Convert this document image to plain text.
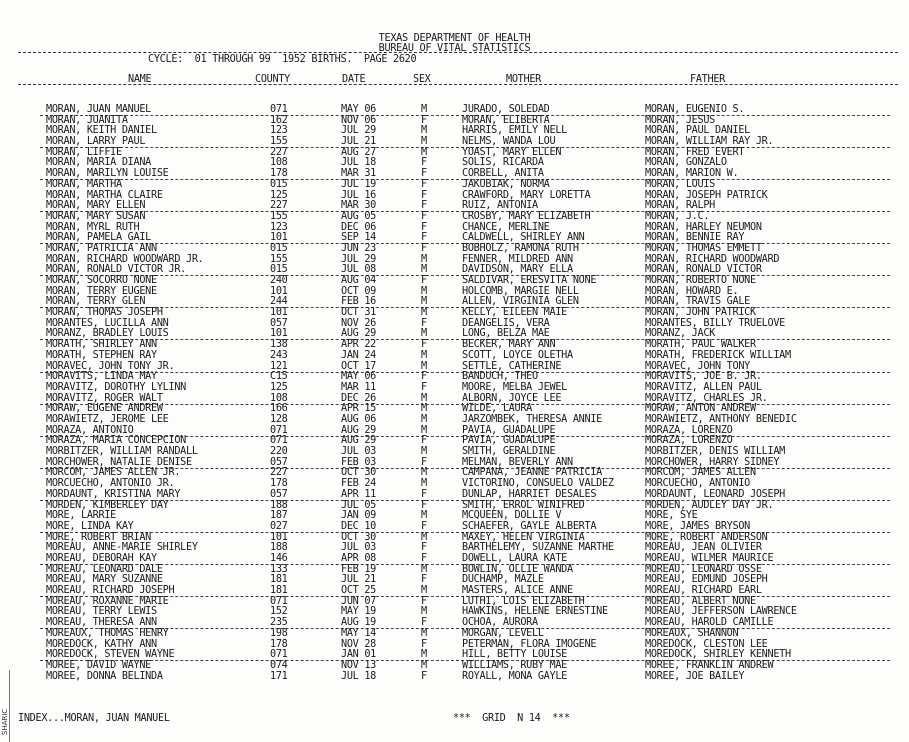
TEXAS DEPARTMENT OF HEALTH
BUREAU OF VITAL STATISTICS
CYCLE:  01 THROUGH 99  1952 BIRTHS.  PAGE 2620
NAME	COUNTY	DATE	SEX	MOTHER	FATHER
MORAN, JUAN MANUEL	071	MAY 06	M	JURADO, SOLEDAD	MORAN, EUGENIO S.
MORAN, JUANITA	162	NOV 06	F	MORAN, ELIBERTA	MORAN, JESUS
MORAN, KEITH DANIEL	123	JUL 29	M	HARRIS, EMILY NELL	MORAN, PAUL DANIEL
MORAN, LARRY PAUL	155	JUL 21	M	NELMS, WANDA LOU	MORAN, WILLIAM RAY JR.
MORAN, LIFFIE	227	AUG 27	M	YOAST, MARY ELLEN	MORAN, FRED EVERT
MORAN, MARIA DIANA	108	JUL 18	F	SOLIS, RICARDA	MORAN, GONZALO
MORAN, MARILYN LOUISE	178	MAR 31	F	CORBELL, ANITA	MORAN, MARION W.
MORAN, MARTHA	015	JUL 19	F	JAKUBIAK, NORMA	MORAN, LOUIS
MORAN, MARTHA CLAIRE	125	JUL 16	F	CRAWFORD, MARY LORETTA	MORAN, JOSEPH PATRICK
MORAN, MARY ELLEN	227	MAR 30	F	RUIZ, ANTONIA	MORAN, RALPH
MORAN, MARY SUSAN	155	AUG 05	F	CROSBY, MARY ELIZABETH	MORAN, J.C.
MORAN, MYRL RUTH	123	DEC 06	F	CHANCE, MERLINE	MORAN, HARLEY NEUMON
MORAN, PAMELA GAIL	101	SEP 14	F	CALDWELL, SHIRLEY ANN	MORAN, BENNIE RAY
MORAN, PATRICIA ANN	015	JUN 23	F	BOBHOLZ, RAMONA RUTH	MORAN, THOMAS EMMETT
MORAN, RICHARD WOODWARD JR.	155	JUL 29	M	FENNER, MILDRED ANN	MORAN, RICHARD WOODWARD
MORAN, RONALD VICTOR JR.	015	JUL 08	M	DAVIDSON, MARY ELLA	MORAN, RONALD VICTOR
MORAN, SOCORRO NONE	240	AUG 04	F	SALDIVAR, ERESVITA NONE	MORAN, ROBERTO NONE
MORAN, TERRY EUGENE	101	OCT 09	M	HOLCOMB, MARGIE NELL	MORAN, HOWARD E.
MORAN, TERRY GLEN	244	FEB 16	M	ALLEN, VIRGINIA GLEN	MORAN, TRAVIS GALE
MORAN, THOMAS JOSEPH	101	OCT 31	M	KELLY, EILEEN MAIE	MORAN, JOHN PATRICK
MORANTES, LUCILLA ANN	057	NOV 26	F	DEANGELIS, VERA	MORANTES, BILLY TRUELOVE
MORANZ, BRADLEY LOUIS	101	AUG 29	M	LONG, BELZA MAE	MORANZ, JACK
MORATH, SHIRLEY ANN	138	APR 22	F	BECKER, MARY ANN	MORATH, PAUL WALKER
MORATH, STEPHEN RAY	243	JAN 24	M	SCOTT, LOYCE OLETHA	MORATH, FREDERICK WILLIAM
MORAVEC, JOHN TONY JR.	121	OCT 17	M	SETTLE, CATHERINE	MORAVEC, JOHN TONY
MORAVITS, LINDA MAY	C15	MAY 06	F	BANDUCH, THEO	MORAVITS, JOE B. JR.
MORAVITZ, DOROTHY LYLINN	125	MAR 11	F	MOORE, MELBA JEWEL	MORAVITZ, ALLEN PAUL
MORAVITZ, ROGER WALT	108	DEC 26	M	ALBORN, JOYCE LEE	MORAVITZ, CHARLES JR.
MORAW, EUGENE ANDREW	166	APR 15	M	WILDE, LAURA	MORAW, ANTON ANDREW
MORAWIETZ, JEROME LEE	128	AUG 06	M	JARZOMBEK, THERESA ANNIE	MORAWIETZ, ANTHONY BENEDIC
MORAZA, ANTONIO	071	AUG 29	M	PAVIA, GUADALUPE	MORAZA, LORENZO
MORAZA, MARIA CONCEPCION	071	AUG 29	F	PAVIA, GUADALUPE	MORAZA, LORENZO
MORBITZER, WILLIAM RANDALL	220	JUL 03	M	SMITH, GERALDINE	MORBITZER, DENIS WILLIAM
MORCHOWER, NATALIE DENISE	057	FEB 03	F	MELMAN, BEVERLY ANN	MORCHOWER, HARRY SIDNEY
MORCOM, JAMES ALLEN JR.	227	OCT 30	M	CAMPANA, JEANNE PATRICIA	MORCOM, JAMES ALLEN
MORCUECHO, ANTONIO JR.	178	FEB 24	M	VICTORINO, CONSUELO VALDEZ	MORCUECHO, ANTONIO
MORDAUNT, KRISTINA MARY	057	APR 11	F	DUNLAP, HARRIET DESALES	MORDAUNT, LEONARD JOSEPH
MORDEN, KIMBERLEY DAY	188	JUL 05	F	SMITH, ERROL WINIFRED	MORDEN, AUDLEY DAY JR.
MORE, LARRIE	187	JAN 09	M	MCQUEEN, DOLLIE V	MORE, SYE
MORE, LINDA KAY	027	DEC 10	F	SCHAEFER, GAYLE ALBERTA	MORE, JAMES BRYSON
MORE, ROBERT BRIAN	101	OCT 30	M	MAXEY, HELEN VIRGINIA	MORE, ROBERT ANDERSON
MOREAU, ANNE-MARIE SHIRLEY	188	JUL 03	F	BARTHELEMY, SUZANNE MARTHE	MOREAU, JEAN OLIVIER
MOREAU, DEBORAH KAY	146	APR 08	F	DOWELL, LAURA KATE	MOREAU, WILMER MAURICE
MOREAU, LEONARD DALE	133	FEB 19	M	BOWLIN, OLLIE WANDA	MOREAU, LEONARD OSSE
MOREAU, MARY SUZANNE	181	JUL 21	F	DUCHAMP, MAZLE	MOREAU, EDMUND JOSEPH
MOREAU, RICHARD JOSEPH	181	OCT 25	M	MASTERS, ALICE ANNE	MOREAU, RICHARD EARL
MOREAU, ROXANNE MARIE	071	JUN 07	F	LUTHI, LOIS ELIZABETH	MOREAU, ALBERT NONE
MOREAU, TERRY LEWIS	152	MAY 19	M	HAWKINS, HELENE ERNESTINE	MOREAU, JEFFERSON LAWRENCE
MOREAU, THERESA ANN	235	AUG 19	F	OCHOA, AURORA	MOREAU, HAROLD CAMILLE
MOREAUX, THOMAS HENRY	198	MAY 14	M	MORGAN, LEVELL	MOREAUX, SHANNON
MOREDOCK, KATHY ANN	178	NOV 28	F	PETERMAN, FLORA IMOGENE	MOREDOCK, CLESTON LEE
MOREDOCK, STEVEN WAYNE	071	JAN 01	M	HILL, BETTY LOUISE	MOREDOCK, SHIRLEY KENNETH
MOREE, DAVID WAYNE	074	NOV 13	M	WILLIAMS, RUBY MAE	MOREE, FRANKLIN ANDREW
MOREE, DONNA BELINDA	171	JUL 18	F	ROYALL, MONA GAYLE	MOREE, JOE BAILEY
INDEX...MORAN, JUAN MANUEL	***  GRID  N 14  ***
SHARIC
